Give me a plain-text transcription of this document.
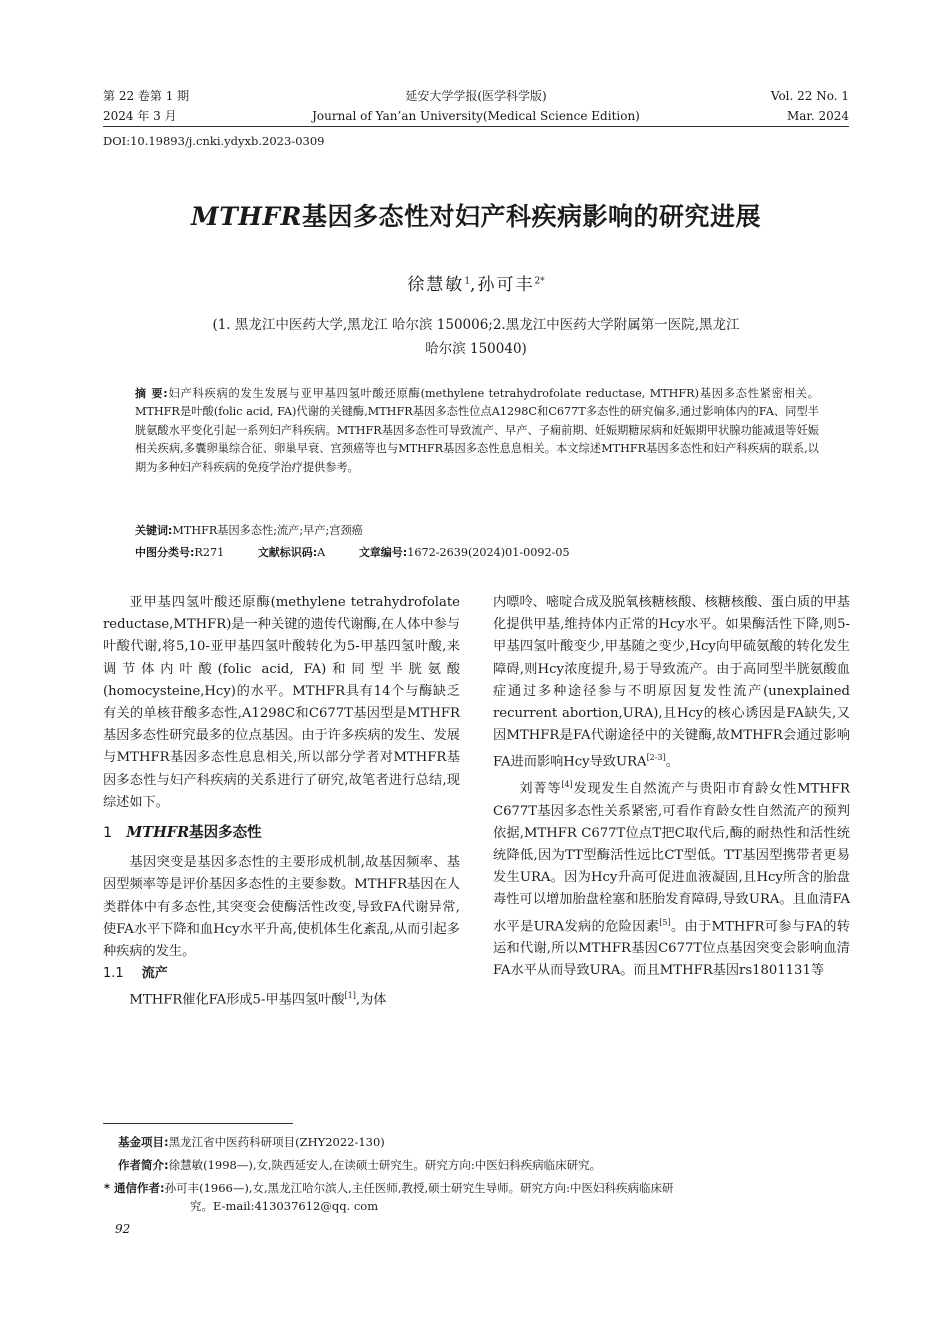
第 22 卷第 1 期
2024 年 3 月
延安大学学报(医学科学版)
Journal of Yan’an University(Medical Science Edition)
Vol. 22 No. 1
Mar. 2024
DOI:10.19893/j.cnki.ydyxb.2023-0309
MTHFR基因多态性对妇产科疾病影响的研究进展
徐慧敏$^1$,孙可丰$^{2*}$
(1. 黑龙江中医药大学,黑龙江 哈尔滨 150006;2.黑龙江中医药大学附属第一医院,黑龙江
哈尔滨 150040)
摘 要:妇产科疾病的发生发展与亚甲基四氢叶酸还原酶(methylene tetrahydrofolate reductase, MTHFR)基因多态性紧密相关。MTHFR是叶酸(folic acid, FA)代谢的关键酶,MTHFR基因多态性位点A1298C和C677T多态性的研究偏多,通过影响体内的FA、同型半胱氨酸水平变化引起一系列妇产科疾病。MTHFR基因多态性可导致流产、早产、子痫前期、妊娠期糖尿病和妊娠期甲状腺功能减退等妊娠相关疾病,多囊卵巢综合征、卵巢早衰、宫颈癌等也与MTHFR基因多态性息息相关。本文综述MTHFR基因多态性和妇产科疾病的联系,以期为多种妇产科疾病的免疫学治疗提供参考。
关键词:MTHFR基因多态性;流产;早产;宫颈癌
中图分类号:R271	文献标识码:A	文章编号:1672-2639(2024)01-0092-05

亚甲基四氢叶酸还原酶(methylene tetrahydrofolate reductase,MTHFR)是一种关键的遗传代谢酶,在人体中参与叶酸代谢,将5,10-亚甲基四氢叶酸转化为5-甲基四氢叶酸,来调节体内叶酸(folic acid, FA)和同型半胱氨酸(homocysteine,Hcy)的水平。MTHFR具有14个与酶缺乏有关的单核苷酸多态性,A1298C和C677T基因型是MTHFR基因多态性研究最多的位点基因。由于许多疾病的发生、发展与MTHFR基因多态性息息相关,所以部分学者对MTHFR基因多态性与妇产科疾病的关系进行了研究,故笔者进行总结,现综述如下。

1 MTHFR基因多态性

基因突变是基因多态性的主要形成机制,故基因频率、基因型频率等是评价基因多态性的主要参数。MTHFR基因在人类群体中有多态性,其突变会使酶活性改变,导致FA代谢异常,使FA水平下降和血Hcy水平升高,使机体生化紊乱,从而引起多种疾病的发生。

1.1 流产

MTHFR催化FA形成5-甲基四氢叶酸[1],为体

内嘌呤、嘧啶合成及脱氧核糖核酸、核糖核酸、蛋白质的甲基化提供甲基,维持体内正常的Hcy水平。如果酶活性下降,则5-甲基四氢叶酸变少,甲基随之变少,Hcy向甲硫氨酸的转化发生障碍,则Hcy浓度提升,易于导致流产。由于高同型半胱氨酸血症通过多种途径参与不明原因复发性流产(unexplained recurrent abortion,URA),且Hcy的核心诱因是FA缺失,又因MTHFR是FA代谢途径中的关键酶,故MTHFR会通过影响FA进而影响Hcy导致URA[2-3]。

刘菁等[4]发现发生自然流产与贵阳市育龄女性MTHFR C677T基因多态性关系紧密,可看作育龄女性自然流产的预判依据,MTHFR C677T位点T把C取代后,酶的耐热性和活性统统降低,因为TT型酶活性远比CT型低。TT基因型携带者更易发生URA。因为Hcy升高可促进血液凝固,且Hcy所含的胎盘毒性可以增加胎盘栓塞和胚胎发育障碍,导致URA。且血清FA水平是URA发病的危险因素[5]。由于MTHFR可参与FA的转运和代谢,所以MTHFR基因C677T位点基因突变会影响血清FA水平从而导致URA。而且MTHFR基因rs1801131等

基金项目:黑龙江省中医药科研项目(ZHY2022-130)
作者简介:徐慧敏(1998—),女,陕西延安人,在读硕士研究生。研究方向:中医妇科疾病临床研究。
* 通信作者:孙可丰(1966—),女,黑龙江哈尔滨人,主任医师,教授,硕士研究生导师。研究方向:中医妇科疾病临床研
究。E-mail:413037612@qq. com
92
